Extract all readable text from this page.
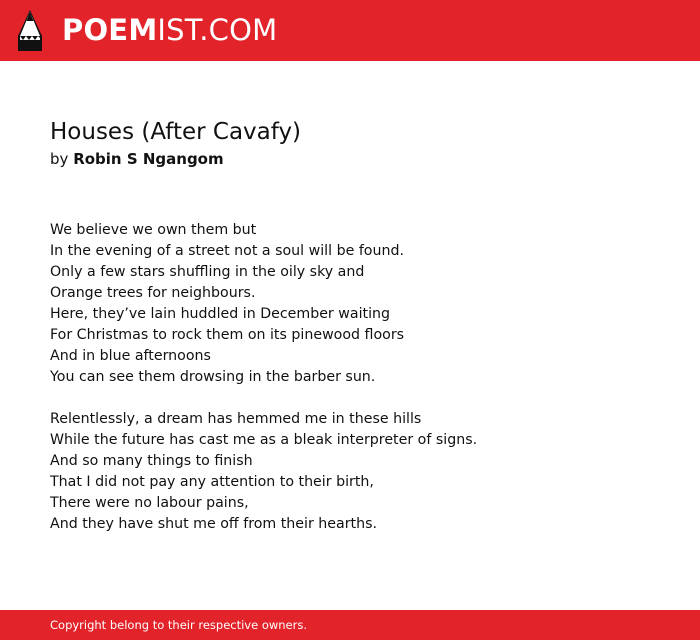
POEMIST.COM
Houses (After Cavafy)
by Robin S Ngangom
We believe we own them but
In the evening of a street not a soul will be found.
Only a few stars shuffling in the oily sky and
Orange trees for neighbours.
Here, they’ve lain huddled in December waiting
For Christmas to rock them on its pinewood floors
And in blue afternoons
You can see them drowsing in the barber sun.
Relentlessly, a dream has hemmed me in these hills
While the future has cast me as a bleak interpreter of signs.
And so many things to finish
That I did not pay any attention to their birth,
There were no labour pains,
And they have shut me off from their hearths.
Copyright belong to their respective owners.
